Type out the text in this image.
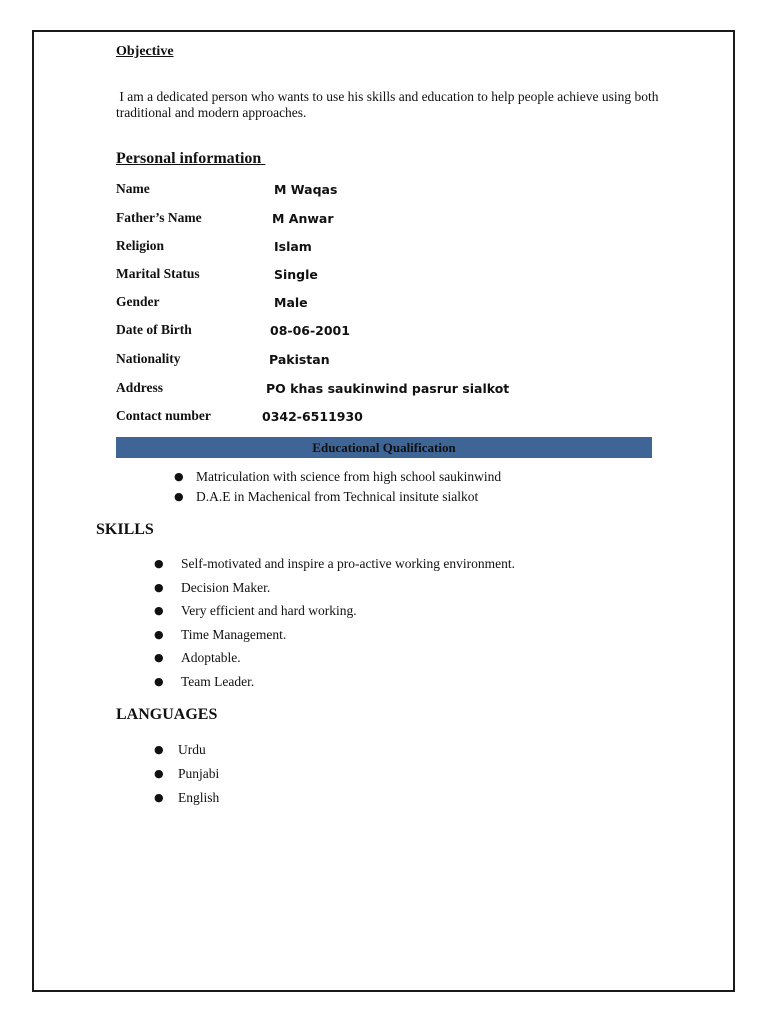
Objective
I am a dedicated person who wants to use his skills and education to help people achieve using both traditional and modern approaches.
Personal information
Name	M Waqas
Father’s Name	M Anwar
Religion	Islam
Marital Status	Single
Gender	Male
Date of Birth	08-06-2001
Nationality	Pakistan
Address	PO khas saukinwind pasrur sialkot
Contact number	0342-6511930
Educational Qualification
● Matriculation with science from high school saukinwind
● D.A.E in Machenical from Technical insitute sialkot
SKILLS
● Self-motivated and inspire a pro-active working environment.
● Decision Maker.
● Very efficient and hard working.
● Time Management.
● Adoptable.
● Team Leader.
LANGUAGES
● Urdu
● Punjabi
● English
